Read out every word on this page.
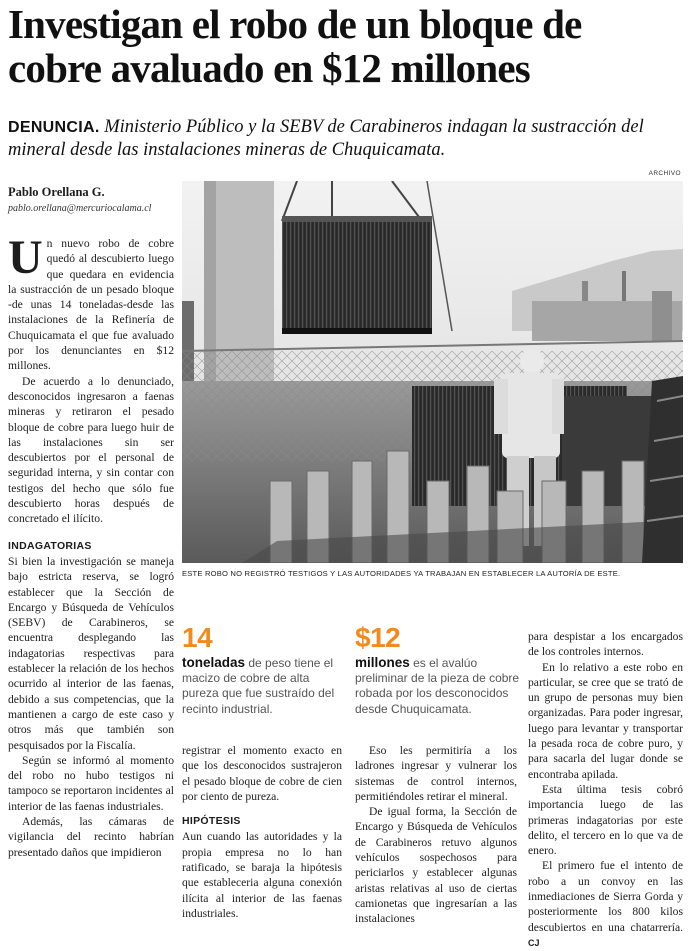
Investigan el robo de un bloque de cobre avaluado en $12 millones
DENUNCIA. Ministerio Público y la SEBV de Carabineros indagan la sustracción del mineral desde las instalaciones mineras de Chuquicamata.
ARCHIVO
Pablo Orellana G.
pablo.orellana@mercuriocalama.cl

Un nuevo robo de cobre quedó al descubierto luego que quedara en evidencia la sustracción de un pesado bloque -de unas 14 toneladas-desde las instalaciones de la Refinería de Chuquicamata el que fue avaluado por los denunciantes en $12 millones.

De acuerdo a lo denunciado, desconocidos ingresaron a faenas mineras y retiraron el pesado bloque de cobre para luego huir de las instalaciones sin ser descubiertos por el personal de seguridad interna, y sin contar con testigos del hecho que sólo fue descubierto horas después de concretado el ilícito.

INDAGATORIAS

Si bien la investigación se maneja bajo estricta reserva, se logró establecer que la Sección de Encargo y Búsqueda de Vehículos (SEBV) de Carabineros, se encuentra desplegando las indagatorias respectivas para establecer la relación de los hechos ocurrido al interior de las faenas, debido a sus competencias, que la mantienen a cargo de este caso y otros más que también son pesquisados por la Fiscalía.

Según se informó al momento del robo no hubo testigos ni tampoco se reportaron incidentes al interior de las faenas industriales.

Además, las cámaras de vigilancia del recinto habrían presentado daños que impidieron

ESTE ROBO NO REGISTRÓ TESTIGOS Y LAS AUTORIDADES YA TRABAJAN EN ESTABLECER LA AUTORÍA DE ESTE.
14
toneladas de peso tiene el macizo de cobre de alta pureza que fue sustraído del recinto industrial.
$12
millones es el avalúo preliminar de la pieza de cobre robada por los desconocidos desde Chuquicamata.

registrar el momento exacto en que los desconocidos sustrajeron el pesado bloque de cobre de cien por ciento de pureza.

HIPÓTESIS

Aun cuando las autoridades y la propia empresa no lo han ratificado, se baraja la hipótesis que estableceria alguna conexión ilícita al interior de las faenas industriales.

Eso les permitiría a los ladrones ingresar y vulnerar los sistemas de control internos, permitiéndoles retirar el mineral.

De igual forma, la Sección de Encargo y Búsqueda de Vehículos de Carabineros retuvo algunos vehículos sospechosos para periciarlos y establecer algunas aristas relativas al uso de ciertas camionetas que ingresarían a las instalaciones

para despistar a los encargados de los controles internos.

En lo relativo a este robo en particular, se cree que se trató de un grupo de personas muy bien organizadas. Para poder ingresar, luego para levantar y transportar la pesada roca de cobre puro, y para sacarla del lugar donde se encontraba apilada.

Esta última tesis cobró importancia luego de las primeras indagatorias por este delito, el tercero en lo que va de enero.

El primero fue el intento de robo a un convoy en las inmediaciones de Sierra Gorda y posteriormente los 800 kilos descubiertos en una chatarrería. CJ
